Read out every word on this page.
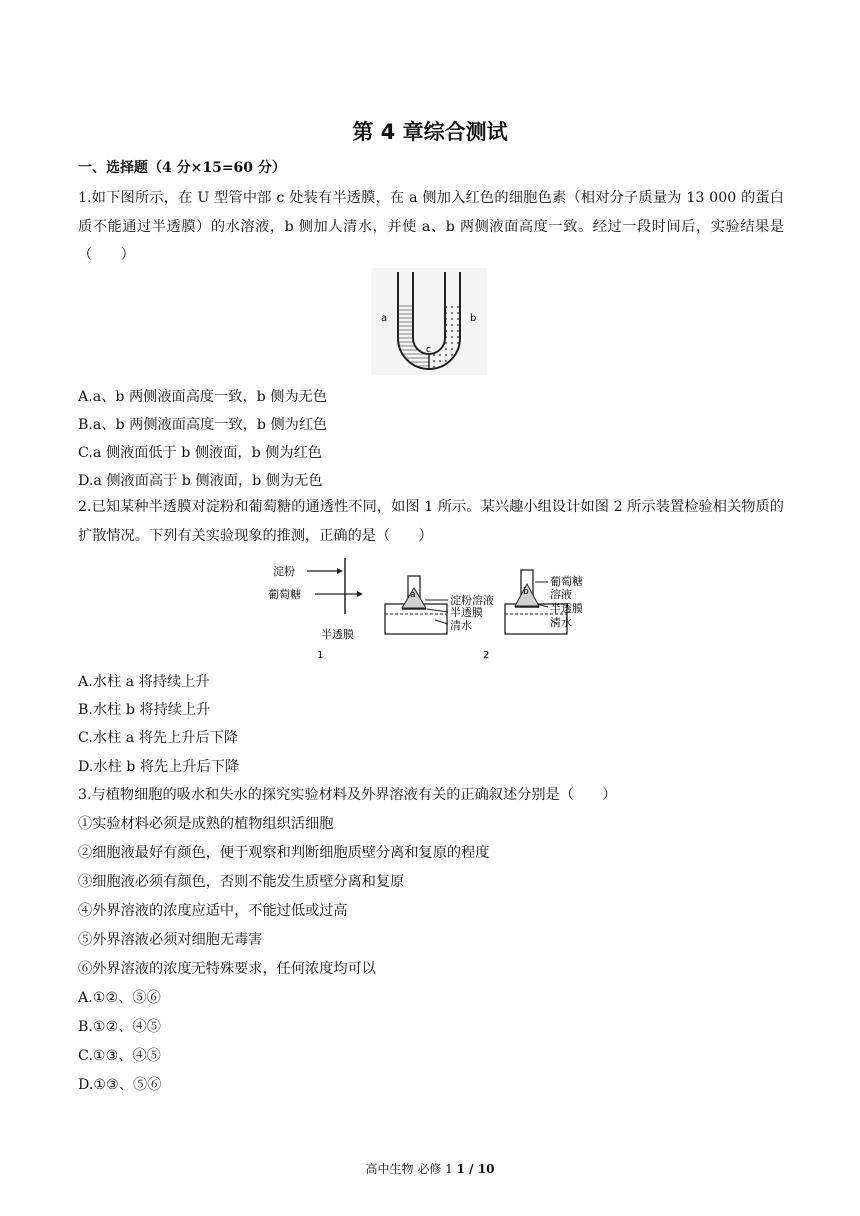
第 4 章综合测试
一、选择题（4 分×15=60 分）
1.如下图所示，在 U 型管中部 c 处装有半透膜，在 a 侧加入红色的细胞色素（相对分子质量为 13 000 的蛋白质不能通过半透膜）的水溶液，b 侧加人清水，并使 a、b 两侧液面高度一致。经过一段时间后，实验结果是（　　）
a	b
c
A.a、b 两侧液面高度一致，b 侧为无色
B.a、b 两侧液面高度一致，b 侧为红色
C.a 侧液面低于 b 侧液面，b 侧为红色
D.a 侧液面高于 b 侧液面，b 侧为无色
2.已知某种半透膜对淀粉和葡萄糖的通透性不同，如图 1 所示。某兴趣小组设计如图 2 所示装置检验相关物质的扩散情况。下列有关实验现象的推测，正确的是（　　）
淀粉
葡萄糖
半透膜
1
a	淀粉溶液
半透膜
清水
b
葡萄糖
溶液
半透膜
清水
2
A.水柱 a 将持续上升
B.水柱 b 将持续上升
C.水柱 a 将先上升后下降
D.水柱 b 将先上升后下降
3.与植物细胞的吸水和失水的探究实验材料及外界溶液有关的正确叙述分别是（　　）
①实验材料必须是成熟的植物组织活细胞
②细胞液最好有颜色，便于观察和判断细胞质壁分离和复原的程度
③细胞液必须有颜色，否则不能发生质壁分离和复原
④外界溶液的浓度应适中，不能过低或过高
⑤外界溶液必须对细胞无毒害
⑥外界溶液的浓度无特殊要求，任何浓度均可以
A.①②、⑤⑥
B.①②、④⑤
C.①③、④⑤
D.①③、⑤⑥
高中生物 必修 1 1 / 10
